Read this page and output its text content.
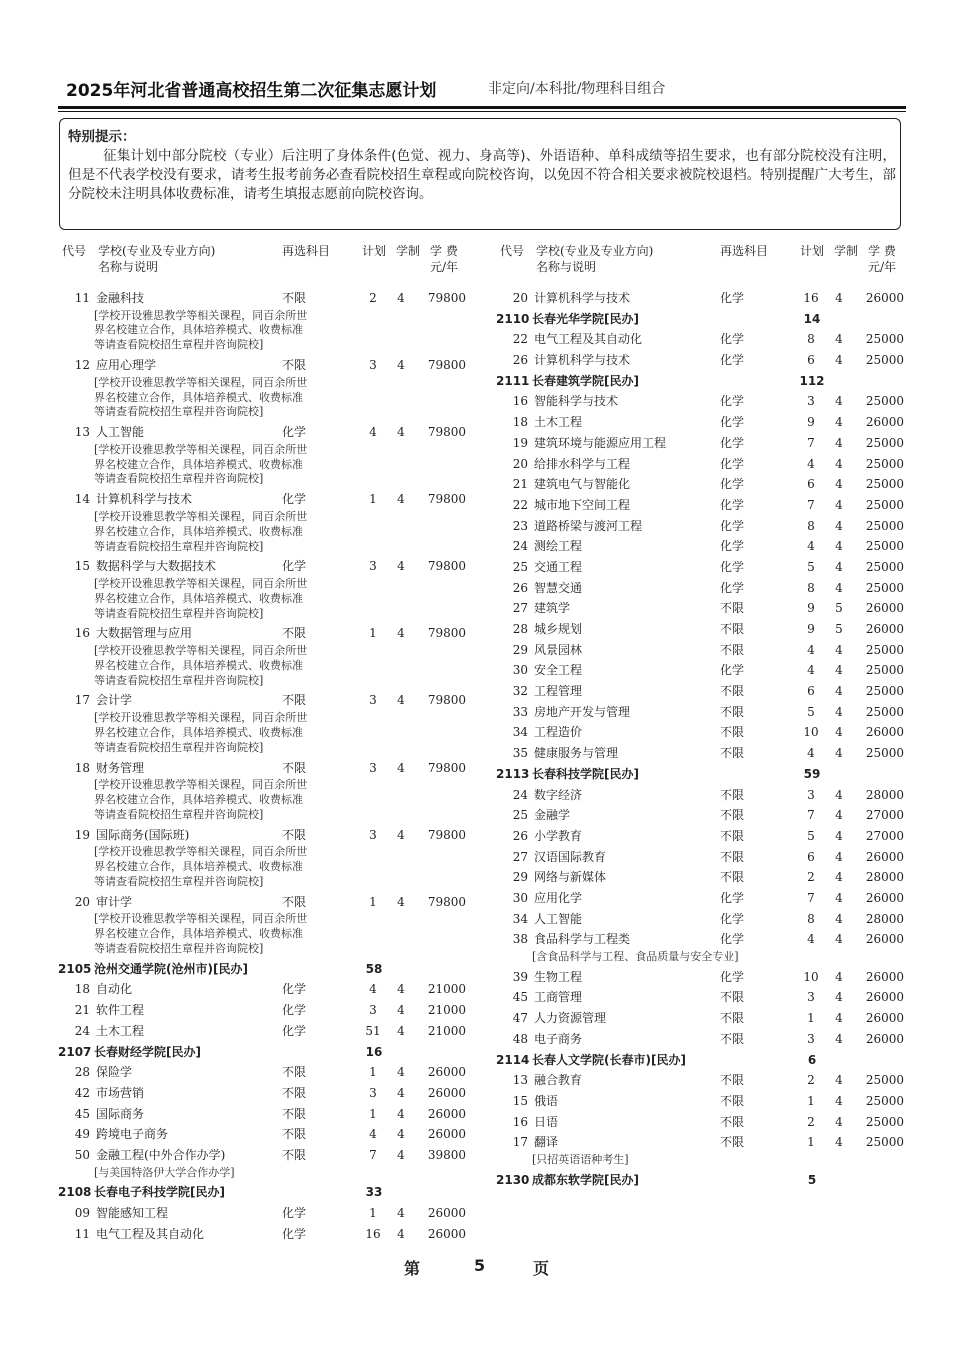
2025年河北省普通高校招生第二次征集志愿计划	非定向/本科批/物理科目组合
特别提示：
征集计划中部分院校（专业）后注明了身体条件(色觉、视力、身高等)、外语语种、单科成绩等招生要求，也有部分院校没有注明，但是不代表学校没有要求，请考生报考前务必查看院校招生章程或向院校咨询，以免因不符合相关要求被院校退档。特别提醒广大考生，部分院校未注明具体收费标准，请考生填报志愿前向院校咨询。
代号 学校(专业及专业方向)
名称与说明
再选科目	计划 学制 学 费
元/年
11 金融科技	不限	2	4	79800
[学校开设雅思教学等相关课程，同百余所世
界名校建立合作，具体培养模式、收费标准
等请查看院校招生章程并咨询院校]
12 应用心理学	不限	3	4	79800
[学校开设雅思教学等相关课程，同百余所世
界名校建立合作，具体培养模式、收费标准
等请查看院校招生章程并咨询院校]
13 人工智能	化学	4	4	79800
[学校开设雅思教学等相关课程，同百余所世
界名校建立合作，具体培养模式、收费标准
等请查看院校招生章程并咨询院校]
14 计算机科学与技术	化学	1	4	79800
[学校开设雅思教学等相关课程，同百余所世
界名校建立合作，具体培养模式、收费标准
等请查看院校招生章程并咨询院校]
15 数据科学与大数据技术	化学	3	4	79800
[学校开设雅思教学等相关课程，同百余所世
界名校建立合作，具体培养模式、收费标准
等请查看院校招生章程并咨询院校]
16 大数据管理与应用	不限	1	4	79800
[学校开设雅思教学等相关课程，同百余所世
界名校建立合作，具体培养模式、收费标准
等请查看院校招生章程并咨询院校]
17 会计学	不限	3	4	79800
[学校开设雅思教学等相关课程，同百余所世
界名校建立合作，具体培养模式、收费标准
等请查看院校招生章程并咨询院校]
18 财务管理	不限	3	4	79800
[学校开设雅思教学等相关课程，同百余所世
界名校建立合作，具体培养模式、收费标准
等请查看院校招生章程并咨询院校]
19 国际商务(国际班)	不限	3	4	79800
[学校开设雅思教学等相关课程，同百余所世
界名校建立合作，具体培养模式、收费标准
等请查看院校招生章程并咨询院校]
20 审计学	不限	1	4	79800
[学校开设雅思教学等相关课程，同百余所世
界名校建立合作，具体培养模式、收费标准
等请查看院校招生章程并咨询院校]
2105 沧州交通学院(沧州市)[民办]	58
18 自动化	化学	4	4	21000
21 软件工程	化学	3	4	21000
24 土木工程	化学	51	4	21000
2107 长春财经学院[民办]	16
28 保险学	不限	1	4	26000
42 市场营销	不限	3	4	26000
45 国际商务	不限	1	4	26000
49 跨境电子商务	不限	4	4	26000
50 金融工程(中外合作办学)	不限	7	4	39800
[与美国特洛伊大学合作办学]
2108 长春电子科技学院[民办]	33
09 智能感知工程	化学	1	4	26000
11 电气工程及其自动化	化学	16	4	26000
代号 学校(专业及专业方向)
名称与说明
再选科目	计划 学制 学 费
元/年
20 计算机科学与技术	化学	16	4	26000
2110 长春光华学院[民办]	14
22 电气工程及其自动化	化学	8	4	25000
26 计算机科学与技术	化学	6	4	25000
2111 长春建筑学院[民办]	112
16 智能科学与技术	化学	3	4	25000
18 土木工程	化学	9	4	26000
19 建筑环境与能源应用工程	化学	7	4	25000
20 给排水科学与工程	化学	4	4	25000
21 建筑电气与智能化	化学	6	4	25000
22 城市地下空间工程	化学	7	4	25000
23 道路桥梁与渡河工程	化学	8	4	25000
24 测绘工程	化学	4	4	25000
25 交通工程	化学	5	4	25000
26 智慧交通	化学	8	4	25000
27 建筑学	不限	9	5	26000
28 城乡规划	不限	9	5	26000
29 风景园林	不限	4	4	25000
30 安全工程	化学	4	4	25000
32 工程管理	不限	6	4	25000
33 房地产开发与管理	不限	5	4	25000
34 工程造价	不限	10	4	26000
35 健康服务与管理	不限	4	4	25000
2113 长春科技学院[民办]	59
24 数字经济	不限	3	4	28000
25 金融学	不限	7	4	27000
26 小学教育	不限	5	4	27000
27 汉语国际教育	不限	6	4	26000
29 网络与新媒体	不限	2	4	28000
30 应用化学	化学	7	4	26000
34 人工智能	化学	8	4	28000
38 食品科学与工程类	化学	4	4	26000
[含食品科学与工程、食品质量与安全专业]
39 生物工程	化学	10	4	26000
45 工商管理	不限	3	4	26000
47 人力资源管理	不限	1	4	26000
48 电子商务	不限	3	4	26000
2114 长春人文学院(长春市)[民办]	6
13 融合教育	不限	2	4	25000
15 俄语	不限	1	4	25000
16 日语	不限	2	4	25000
17 翻译	不限	1	4	25000
[只招英语语种考生]
2130 成都东软学院[民办]	5
第	5	页
